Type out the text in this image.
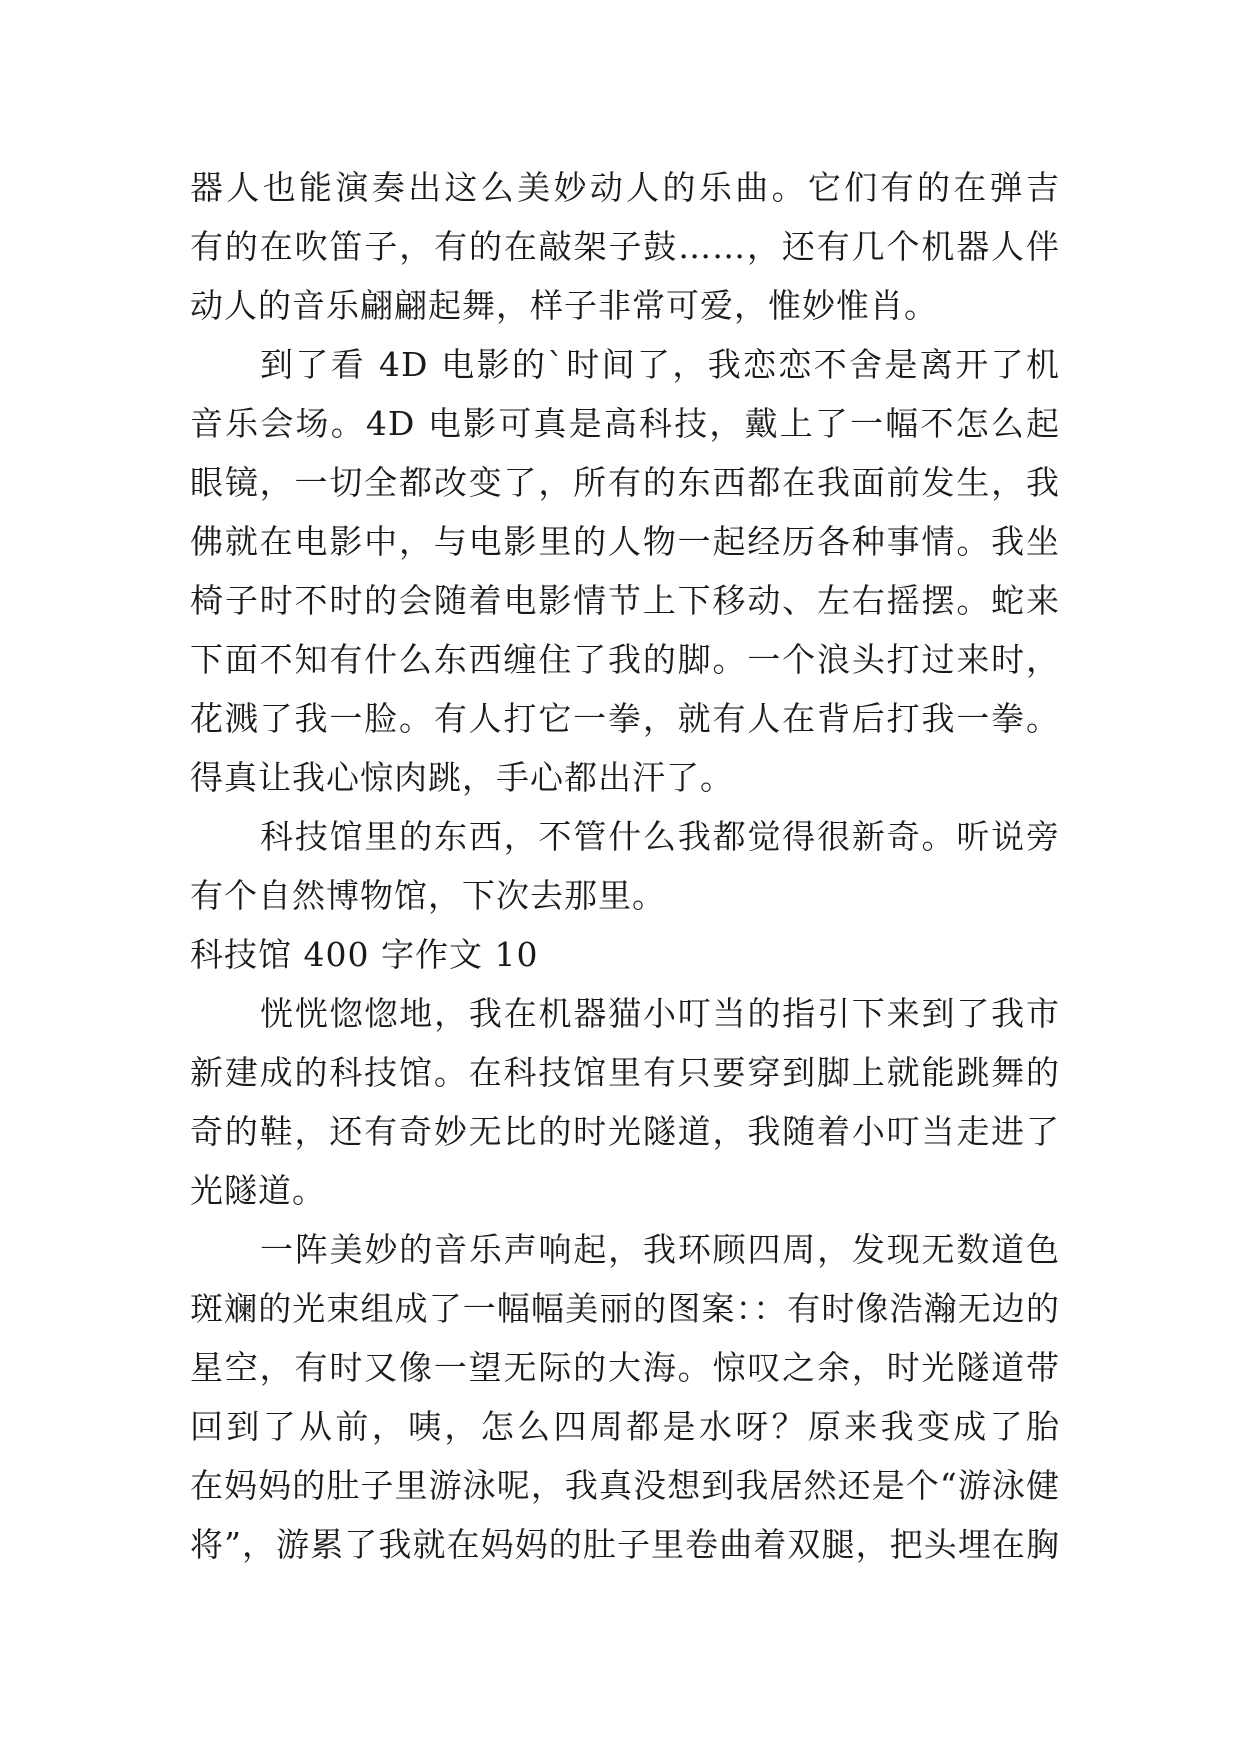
器人也能演奏出这么美妙动人的乐曲。它们有的在弹吉
有的在吹笛子，有的在敲架子鼓……，还有几个机器人伴
动人的音乐翩翩起舞，样子非常可爱，惟妙惟肖。
到了看 4D 电影的`时间了，我恋恋不舍是离开了机
音乐会场。4D 电影可真是高科技，戴上了一幅不怎么起
眼镜，一切全都改变了，所有的东西都在我面前发生，我
佛就在电影中，与电影里的人物一起经历各种事情。我坐
椅子时不时的会随着电影情节上下移动、左右摇摆。蛇来
下面不知有什么东西缠住了我的脚。一个浪头打过来时，
花溅了我一脸。有人打它一拳，就有人在背后打我一拳。
得真让我心惊肉跳，手心都出汗了。
科技馆里的东西，不管什么我都觉得很新奇。听说旁
有个自然博物馆，下次去那里。
科技馆 400 字作文 10
恍恍惚惚地，我在机器猫小叮当的指引下来到了我市
新建成的科技馆。在科技馆里有只要穿到脚上就能跳舞的
奇的鞋，还有奇妙无比的时光隧道，我随着小叮当走进了
光隧道。
一阵美妙的音乐声响起，我环顾四周，发现无数道色
斑斓的光束组成了一幅幅美丽的图案：：有时像浩瀚无边的
星空，有时又像一望无际的大海。惊叹之余，时光隧道带
回到了从前，咦，怎么四周都是水呀？原来我变成了胎
在妈妈的肚子里游泳呢，我真没想到我居然还是个“游泳健
将”，游累了我就在妈妈的肚子里卷曲着双腿，把头埋在胸
